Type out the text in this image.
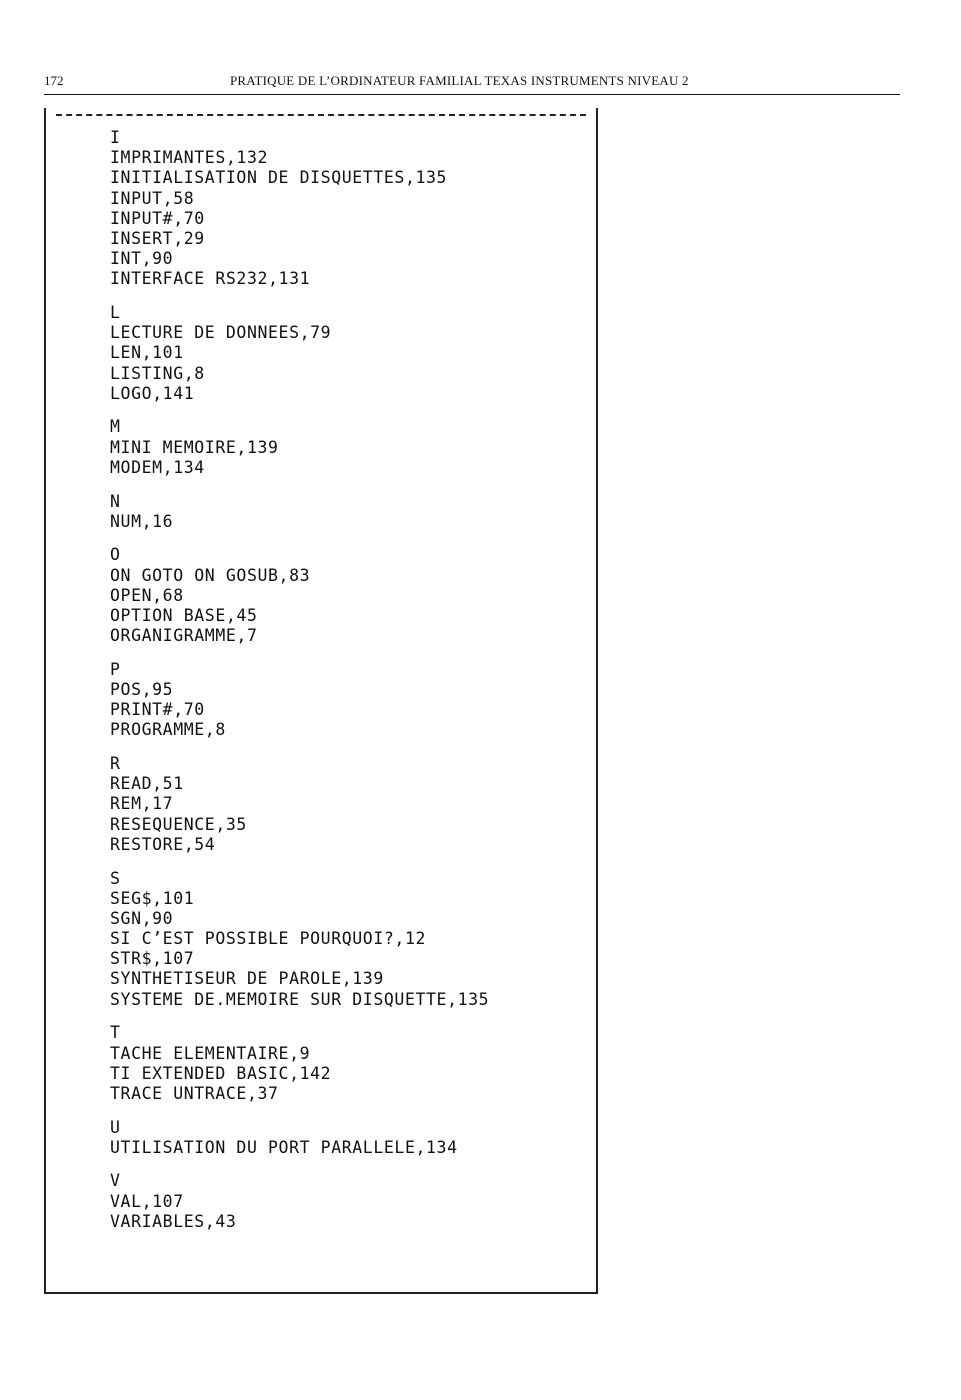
172	PRATIQUE DE L’ORDINATEUR FAMILIAL TEXAS INSTRUMENTS NIVEAU 2
I
IMPRIMANTES,132
INITIALISATION DE DISQUETTES,135
INPUT,58
INPUT#,70
INSERT,29
INT,90
INTERFACE RS232,131
L
LECTURE DE DONNEES,79
LEN,101
LISTING,8
LOGO,141
M
MINI MEMOIRE,139
MODEM,134
N
NUM,16
O
ON GOTO ON GOSUB,83
OPEN,68
OPTION BASE,45
ORGANIGRAMME,7
P
POS,95
PRINT#,70
PROGRAMME,8
R
READ,51
REM,17
RESEQUENCE,35
RESTORE,54
S
SEG$,101
SGN,90
SI C’EST POSSIBLE POURQUOI?,12
STR$,107
SYNTHETISEUR DE PAROLE,139
SYSTEME DE.MEMOIRE SUR DISQUETTE,135
T
TACHE ELEMENTAIRE,9
TI EXTENDED BASIC,142
TRACE UNTRACE,37
U
UTILISATION DU PORT PARALLELE,134
V
VAL,107
VARIABLES,43
